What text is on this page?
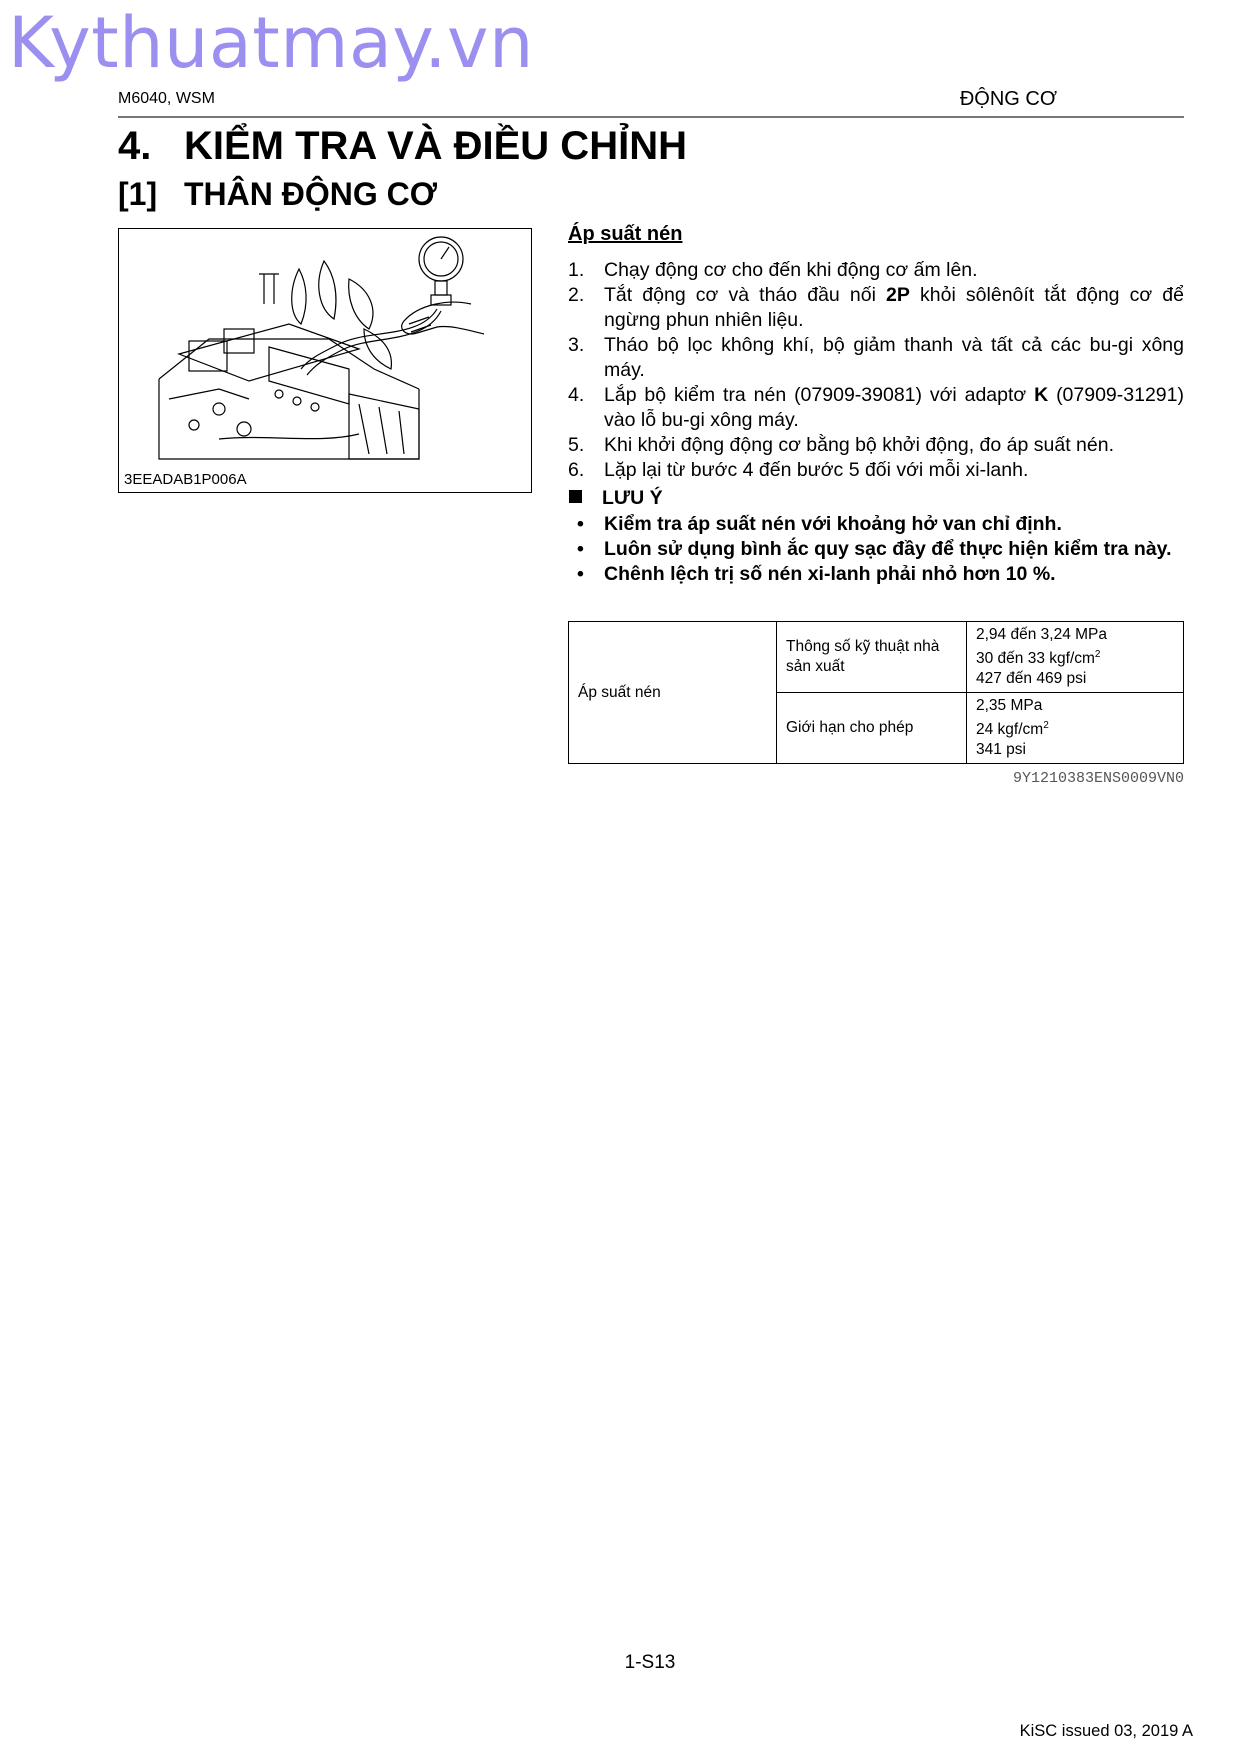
Kythuatmay.vn
M6040, WSM	ĐỘNG CƠ
4. KIỂM TRA VÀ ĐIỀU CHỈNH
[1] THÂN ĐỘNG CƠ
3EEADAB1P006A
Áp suất nén
1. Chạy động cơ cho đến khi động cơ ấm lên.
2. Tắt động cơ và tháo đầu nối 2P khỏi sôlênôít tắt động cơ để ngừng phun nhiên liệu.
3. Tháo bộ lọc không khí, bộ giảm thanh và tất cả các bu-gi xông máy.
4. Lắp bộ kiểm tra nén (07909-39081) với adaptơ K (07909-31291) vào lỗ bu-gi xông máy.
5. Khi khởi động động cơ bằng bộ khởi động, đo áp suất nén.
6. Lặp lại từ bước 4 đến bước 5 đối với mỗi xi-lanh.
LƯU Ý
• Kiểm tra áp suất nén với khoảng hở van chỉ định.
• Luôn sử dụng bình ắc quy sạc đầy để thực hiện kiểm tra này.
• Chênh lệch trị số nén xi-lanh phải nhỏ hơn 10 %.
Áp suất nén	Thông số kỹ thuật nhà sản xuất	2,94 đến 3,24 MPa
30 đến 33 kgf/$cm^2$
427 đến 469 psi

	Giới hạn cho phép	2,35 MPa
24 kgf/$cm^2$
341 psi
9Y1210383ENS0009VN0
1-S13
KiSC issued 03, 2019 A
